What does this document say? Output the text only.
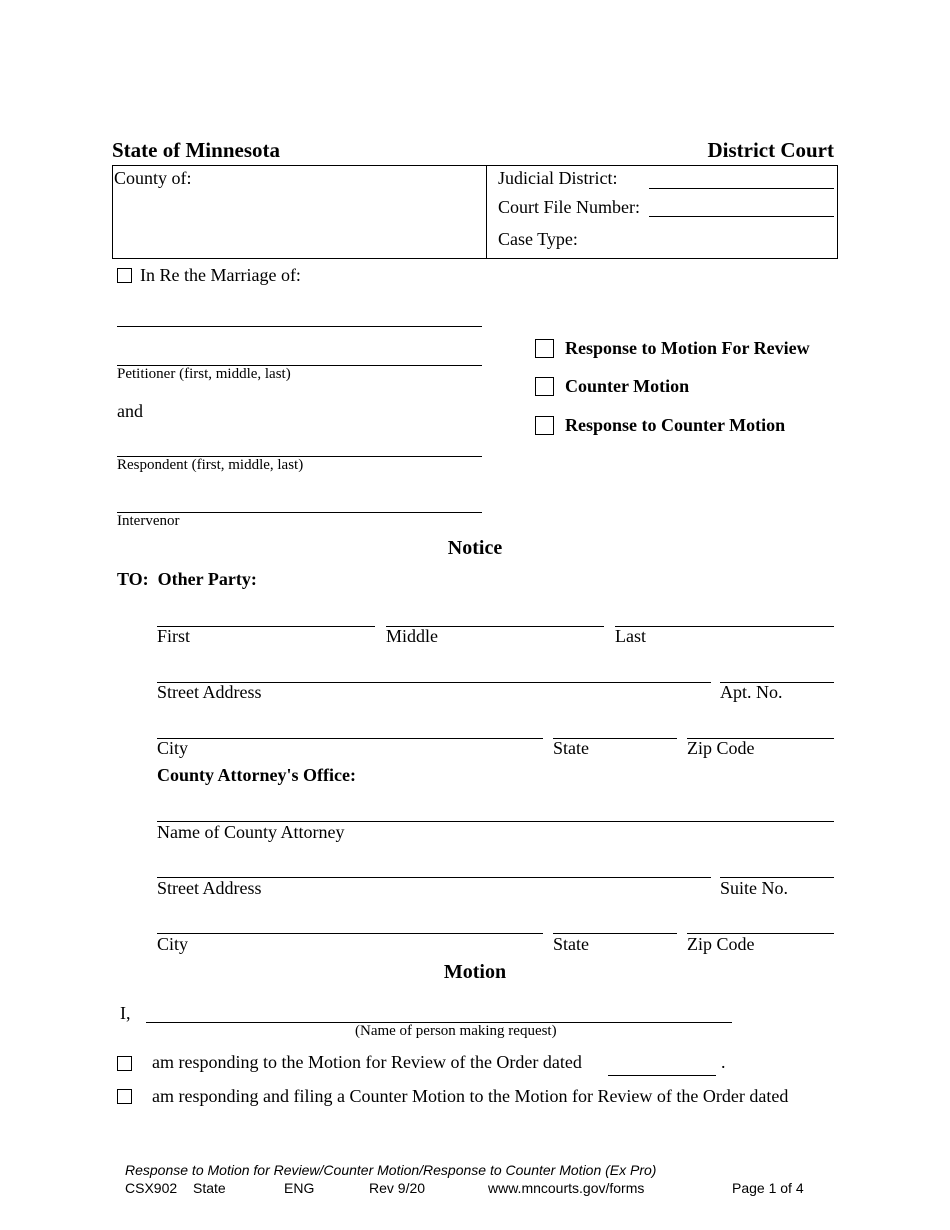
State of Minnesota	District Court
County of:	Judicial District:
Court File Number:
Case Type:
In Re the Marriage of:
Petitioner (first, middle, last)
and
Respondent (first, middle, last)
Intervenor
Response to Motion For Review
Counter Motion
Response to Counter Motion
Notice
TO:  Other Party:
First	Middle	Last
Street Address	Apt. No.
City	State	Zip Code
County Attorney's Office:
Name of County Attorney
Street Address	Suite No.
City	State	Zip Code
Motion
I,
(Name of person making request)
am responding to the Motion for Review of the Order dated	.
am responding and filing a Counter Motion to the Motion for Review of the Order dated
Response to Motion for Review/Counter Motion/Response to Counter Motion (Ex Pro)
CSX902 State	ENG	Rev 9/20	www.mncourts.gov/forms	Page 1 of 4
